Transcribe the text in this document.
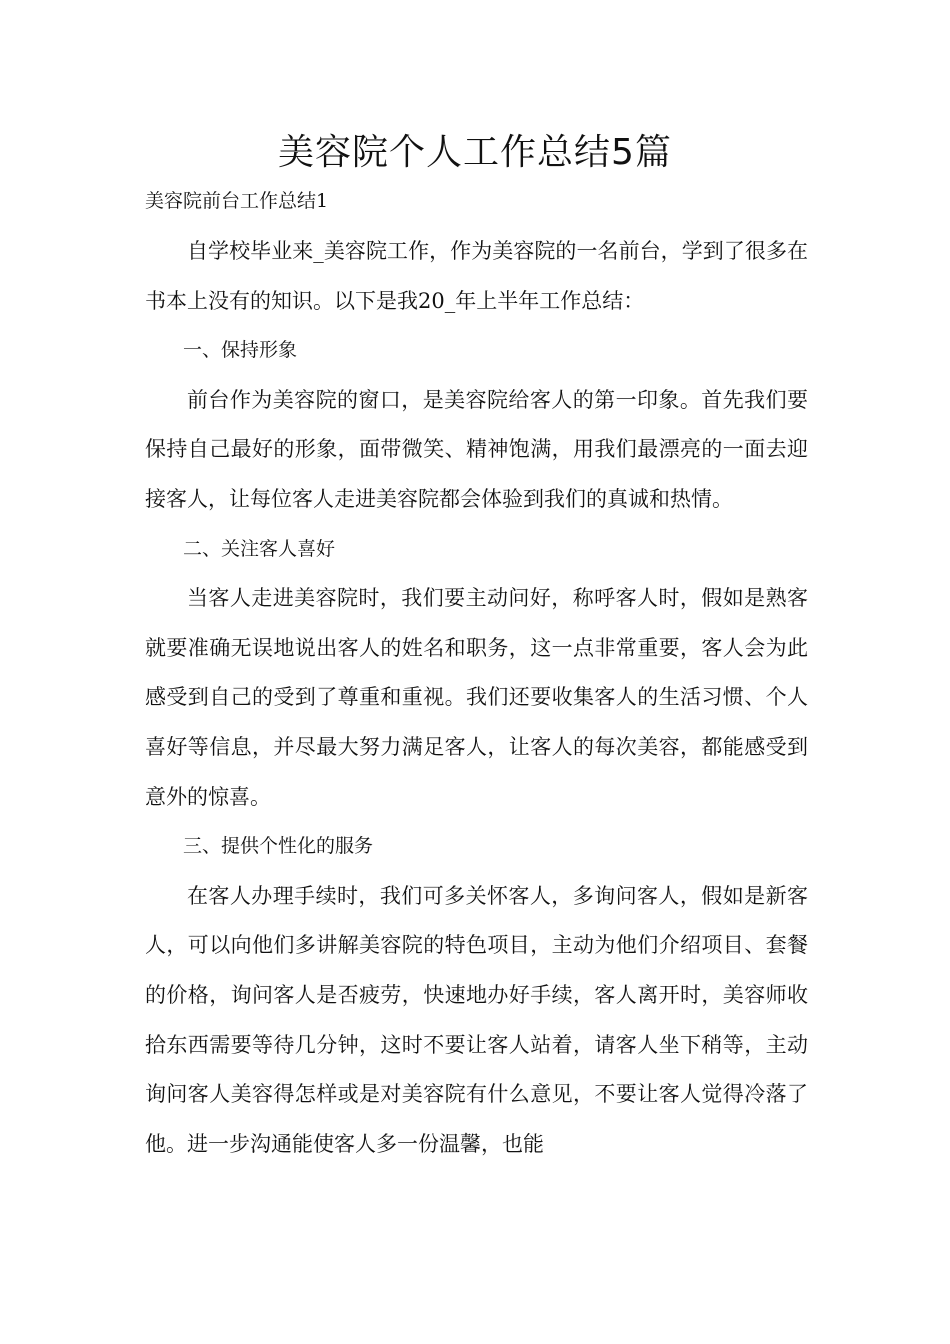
美容院个人工作总结5篇

美容院前台工作总结1

自学校毕业来_美容院工作，作为美容院的一名前台，学到了很多在书本上没有的知识。以下是我20_年上半年工作总结：

一、保持形象

前台作为美容院的窗口，是美容院给客人的第一印象。首先我们要保持自己最好的形象，面带微笑、精神饱满，用我们最漂亮的一面去迎接客人，让每位客人走进美容院都会体验到我们的真诚和热情。

二、关注客人喜好

当客人走进美容院时，我们要主动问好，称呼客人时，假如是熟客就要准确无误地说出客人的姓名和职务，这一点非常重要，客人会为此感受到自己的受到了尊重和重视。我们还要收集客人的生活习惯、个人喜好等信息，并尽最大努力满足客人，让客人的每次美容，都能感受到意外的惊喜。

三、提供个性化的服务

在客人办理手续时，我们可多关怀客人，多询问客人，假如是新客人，可以向他们多讲解美容院的特色项目，主动为他们介绍项目、套餐的价格，询问客人是否疲劳，快速地办好手续，客人离开时，美容师收拾东西需要等待几分钟，这时不要让客人站着，请客人坐下稍等，主动询问客人美容得怎样或是对美容院有什么意见，不要让客人觉得冷落了他。进一步沟通能使客人多一份温馨，也能
